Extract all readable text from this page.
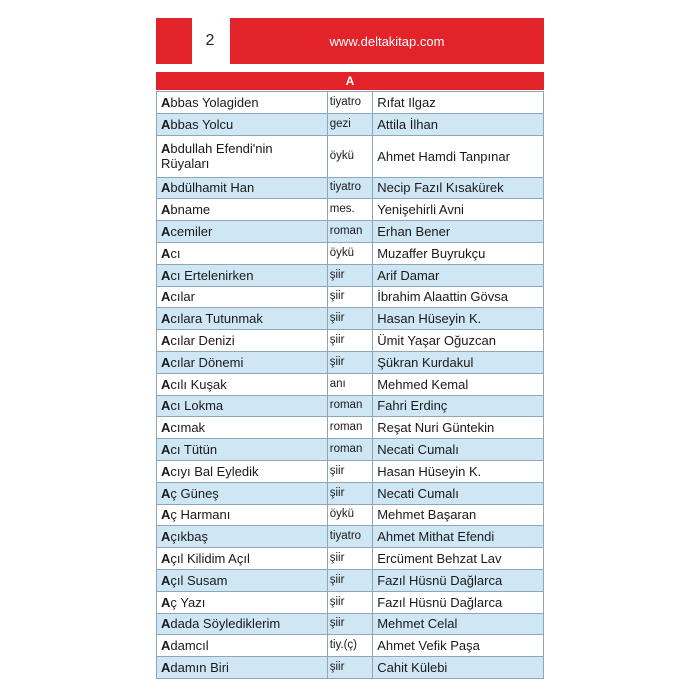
2	www.deltakitap.com
A
Abbas Yolagiden	tiyatro	Rıfat Ilgaz
Abbas Yolcu	gezi	Attila İlhan
Abdullah Efendi'nin Rüyaları	öykü	Ahmet Hamdi Tanpınar
Abdülhamit Han	tiyatro	Necip Fazıl Kısakürek
Abname	mes.	Yenişehirli Avni
Acemiler	roman	Erhan Bener
Acı	öykü	Muzaffer Buyrukçu
Acı Ertelenirken	şiir	Arif Damar
Acılar	şiir	İbrahim Alaattin Gövsa
Acılara Tutunmak	şiir	Hasan Hüseyin K.
Acılar Denizi	şiir	Ümit Yaşar Oğuzcan
Acılar Dönemi	şiir	Şükran Kurdakul
Acılı Kuşak	anı	Mehmed Kemal
Acı Lokma	roman	Fahri Erdinç
Acımak	roman	Reşat Nuri Güntekin
Acı Tütün	roman	Necati Cumalı
Acıyı Bal Eyledik	şiir	Hasan Hüseyin K.
Aç Güneş	şiir	Necati Cumalı
Aç Harmanı	öykü	Mehmet Başaran
Açıkbaş	tiyatro	Ahmet Mithat Efendi
Açıl Kilidim Açıl	şiir	Ercüment Behzat Lav
Açıl Susam	şiir	Fazıl Hüsnü Dağlarca
Aç Yazı	şiir	Fazıl Hüsnü Dağlarca
Adada Söylediklerim	şiir	Mehmet Celal
Adamcıl	tiy.(ç)	Ahmet Vefik Paşa
Adamın Biri	şiir	Cahit Külebi
